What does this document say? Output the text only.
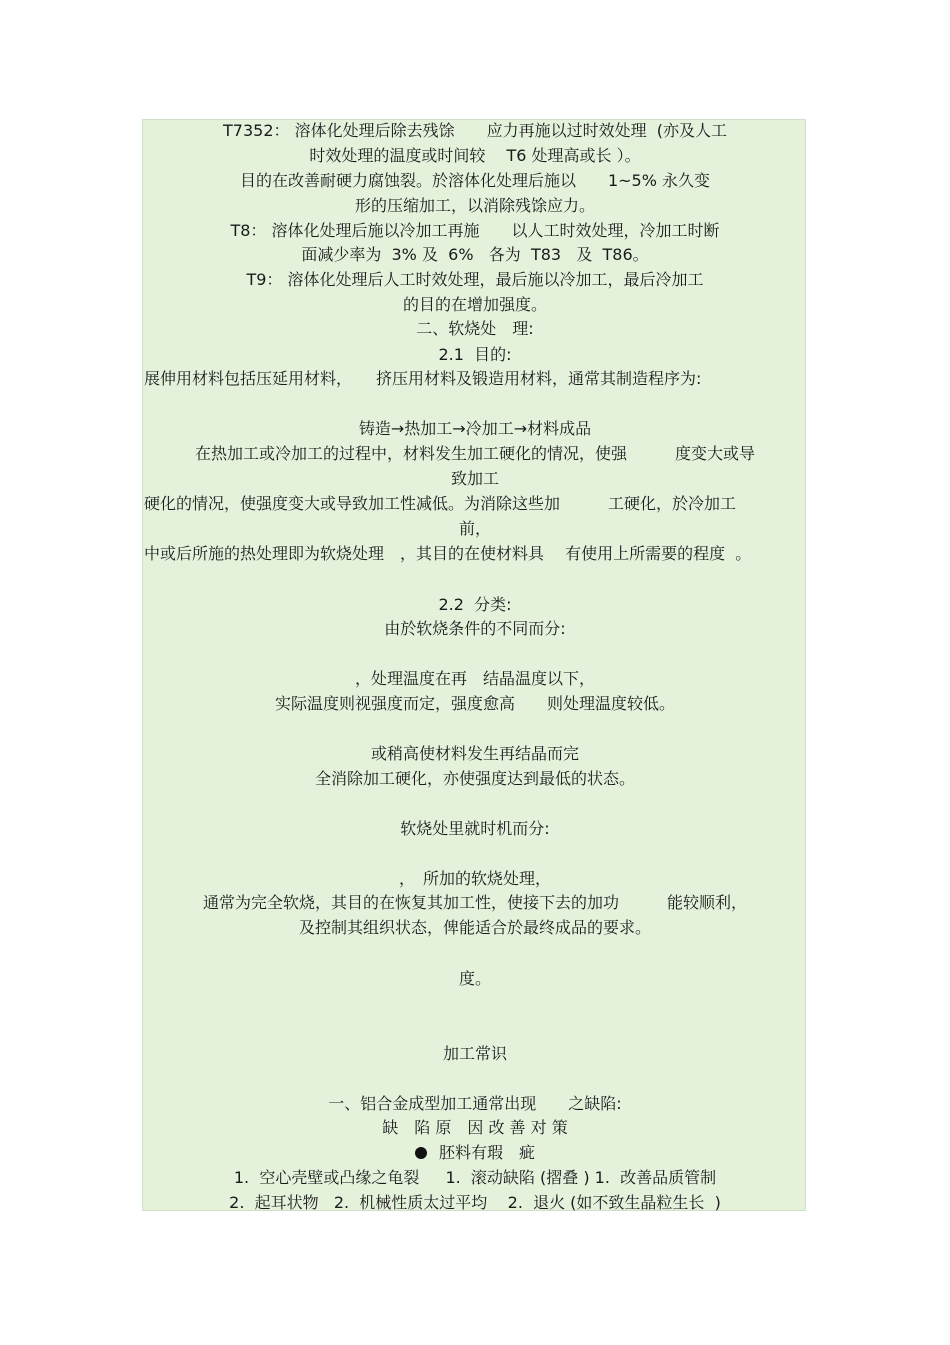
T7352： 溶体化处理后除去残馀　　应力再施以过时效处理  (亦及人工
时效处理的温度或时间较　 T6 处理高或长 ）。
目的在改善耐硬力腐蚀裂。於溶体化处理后施以　　1~5% 永久变
形的压缩加工，以消除残馀应力。
T8： 溶体化处理后施以冷加工再施　　以人工时效处理，冷加工时断
面减少率为  3% 及  6%   各为  T83   及  T86。
T9： 溶体化处理后人工时效处理，最后施以冷加工，最后冷加工
的目的在增加强度。
二、软烧处　理:
2.1  目的:
展伸用材料包括压延用材料，　　挤压用材料及锻造用材料，通常其制造程序为:
铸造→热加工→冷加工→材料成品
在热加工或冷加工的过程中，材料发生加工硬化的情况，使强　　　度变大或导
致加工
硬化的情况，使强度变大或导致加工性减低。为消除这些加　　　工硬化，於冷加工
前，
中或后所施的热处理即为软烧处理　，其目的在使材料具　 有使用上所需要的程度  。
2.2  分类:
由於软烧条件的不同而分:
，处理温度在再　结晶温度以下，
实际温度则视强度而定，强度愈高　　则处理温度较低。
或稍高使材料发生再结晶而完
全消除加工硬化，亦使强度达到最低的状态。
软烧处里就时机而分:
，　所加的软烧处理，
通常为完全软烧，其目的在恢复其加工性，使接下去的加功　　　能较顺利，
及控制其组织状态，俾能适合於最终成品的要求。
度。
加工常识
一、铝合金成型加工通常出现　　之缺陷:
缺　陷 原　因 改 善 对 策
胚料有瑕　疵
1.  空心壳壁或凸缘之龟裂　  1.  滚动缺陷 (摺叠 ) 1.  改善品质管制
2.  起耳状物   2.  机械性质太过平均    2.  退火 (如不致生晶粒生长  )
